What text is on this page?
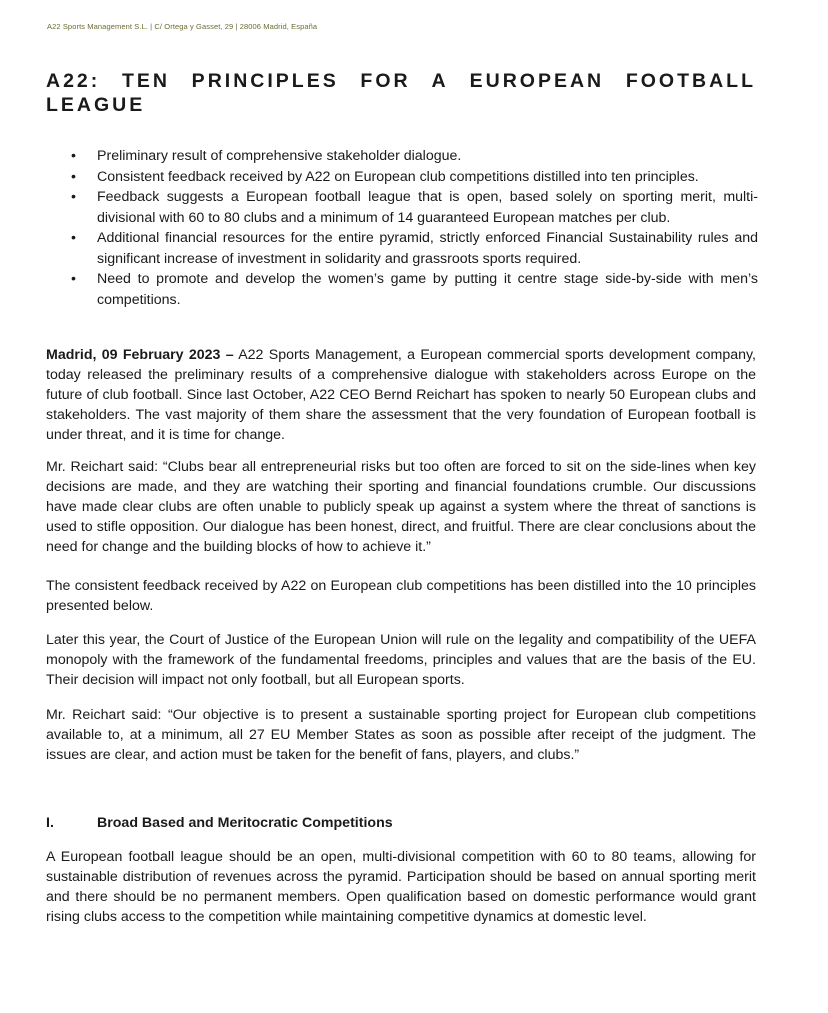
A22 Sports Management S.L. | C/ Ortega y Gasset, 29 | 28006 Madrid, España
A22: TEN PRINCIPLES FOR A EUROPEAN FOOTBALL LEAGUE
• Preliminary result of comprehensive stakeholder dialogue.
• Consistent feedback received by A22 on European club competitions distilled into ten principles.
• Feedback suggests a European football league that is open, based solely on sporting merit, multi-divisional with 60 to 80 clubs and a minimum of 14 guaranteed European matches per club.
• Additional financial resources for the entire pyramid, strictly enforced Financial Sustainability rules and significant increase of investment in solidarity and grassroots sports required.
• Need to promote and develop the women’s game by putting it centre stage side-by-side with men’s competitions.

Madrid, 09 February 2023 – A22 Sports Management, a European commercial sports development company, today released the preliminary results of a comprehensive dialogue with stakeholders across Europe on the future of club football. Since last October, A22 CEO Bernd Reichart has spoken to nearly 50 European clubs and stakeholders. The vast majority of them share the assessment that the very foundation of European football is under threat, and it is time for change.

Mr. Reichart said: “Clubs bear all entrepreneurial risks but too often are forced to sit on the side-lines when key decisions are made, and they are watching their sporting and financial foundations crumble. Our discussions have made clear clubs are often unable to publicly speak up against a system where the threat of sanctions is used to stifle opposition. Our dialogue has been honest, direct, and fruitful. There are clear conclusions about the need for change and the building blocks of how to achieve it.”

The consistent feedback received by A22 on European club competitions has been distilled into the 10 principles presented below.

Later this year, the Court of Justice of the European Union will rule on the legality and compatibility of the UEFA monopoly with the framework of the fundamental freedoms, principles and values that are the basis of the EU. Their decision will impact not only football, but all European sports.

Mr. Reichart said: “Our objective is to present a sustainable sporting project for European club competitions available to, at a minimum, all 27 EU Member States as soon as possible after receipt of the judgment. The issues are clear, and action must be taken for the benefit of fans, players, and clubs.”

I.	Broad Based and Meritocratic Competitions

A European football league should be an open, multi-divisional competition with 60 to 80 teams, allowing for sustainable distribution of revenues across the pyramid. Participation should be based on annual sporting merit and there should be no permanent members. Open qualification based on domestic performance would grant rising clubs access to the competition while maintaining competitive dynamics at domestic level.
